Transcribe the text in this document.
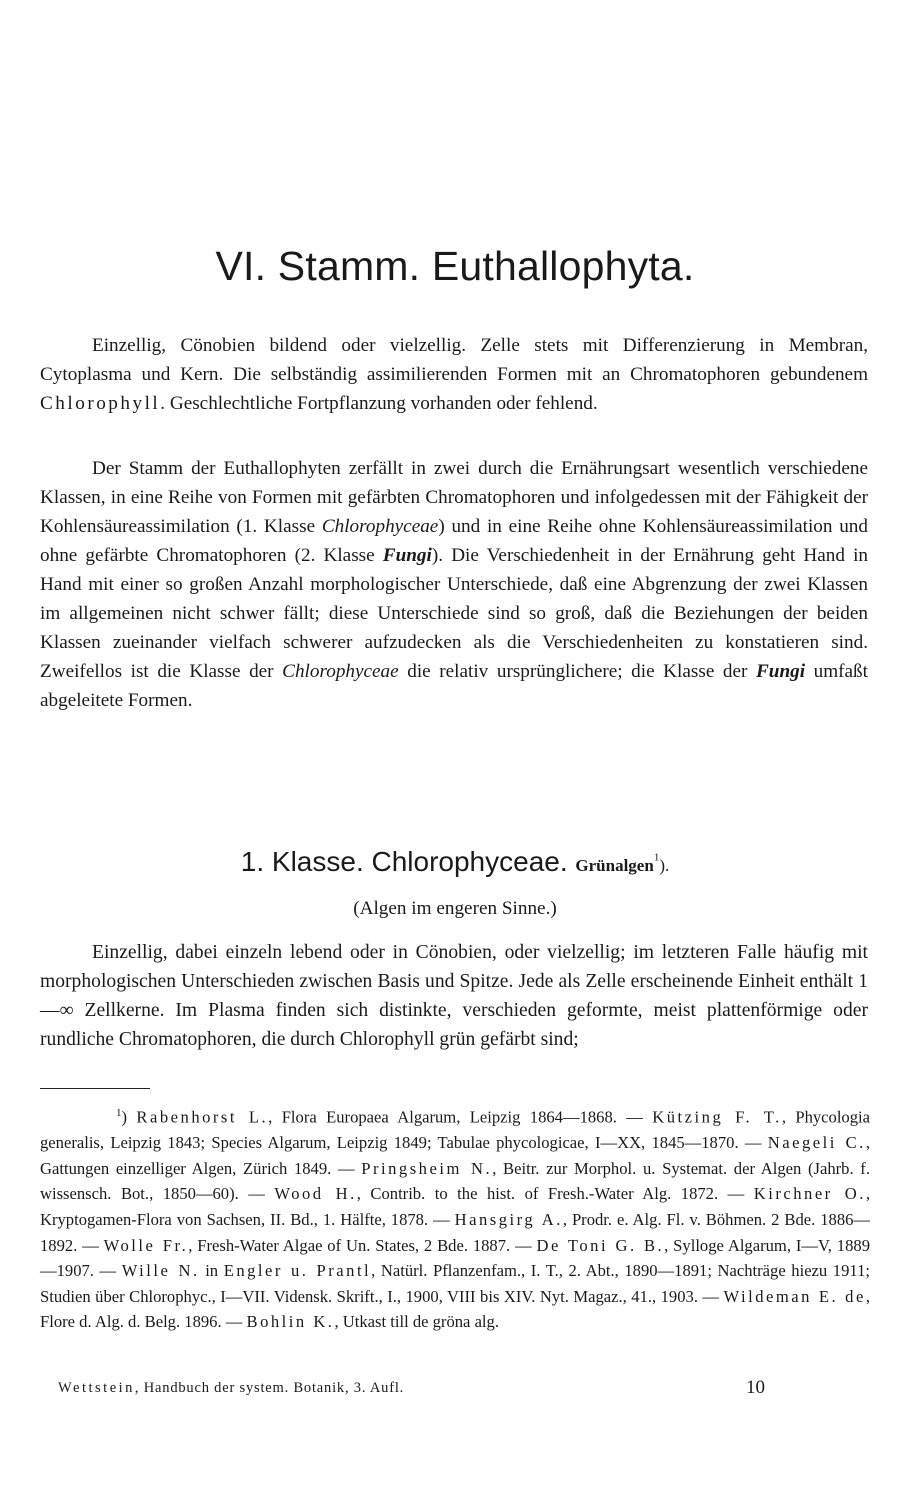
VI. Stamm. Euthallophyta.
Einzellig, Cönobien bildend oder vielzellig. Zelle stets mit Differenzierung in Membran, Cytoplasma und Kern. Die selbständig assimilierenden Formen mit an Chromatophoren gebundenem Chlorophyll. Geschlechtliche Fortpflanzung vorhanden oder fehlend.
Der Stamm der Euthallophyten zerfällt in zwei durch die Ernährungsart wesentlich verschiedene Klassen, in eine Reihe von Formen mit gefärbten Chromatophoren und infolgedessen mit der Fähigkeit der Kohlensäureassimilation (1. Klasse Chlorophyceae) und in eine Reihe ohne Kohlensäureassimilation und ohne gefärbte Chromatophoren (2. Klasse Fungi). Die Verschiedenheit in der Ernährung geht Hand in Hand mit einer so großen Anzahl morphologischer Unterschiede, daß eine Abgrenzung der zwei Klassen im allgemeinen nicht schwer fällt; diese Unterschiede sind so groß, daß die Beziehungen der beiden Klassen zueinander vielfach schwerer aufzudecken als die Verschiedenheiten zu konstatieren sind. Zweifellos ist die Klasse der Chlorophyceae die relativ ursprünglichere; die Klasse der Fungi umfaßt abgeleitete Formen.
1. Klasse. Chlorophyceae. Grünalgen$^1$).
(Algen im engeren Sinne.)
Einzellig, dabei einzeln lebend oder in Cönobien, oder vielzellig; im letzteren Falle häufig mit morphologischen Unterschieden zwischen Basis und Spitze. Jede als Zelle erscheinende Einheit enthält 1—∞ Zellkerne. Im Plasma finden sich distinkte, verschieden geformte, meist plattenförmige oder rundliche Chromatophoren, die durch Chlorophyll grün gefärbt sind;
$^1$) Rabenhorst L., Flora Europaea Algarum, Leipzig 1864—1868. — Kützing F. T., Phycologia generalis, Leipzig 1843; Species Algarum, Leipzig 1849; Tabulae phycologicae, I—XX, 1845—1870. — Naegeli C., Gattungen einzelliger Algen, Zürich 1849. — Pringsheim N., Beitr. zur Morphol. u. Systemat. der Algen (Jahrb. f. wissensch. Bot., 1850—60). — Wood H., Contrib. to the hist. of Fresh.-Water Alg. 1872. — Kirchner O., Kryptogamen-Flora von Sachsen, II. Bd., 1. Hälfte, 1878. — Hansgirg A., Prodr. e. Alg. Fl. v. Böhmen. 2 Bde. 1886—1892. — Wolle Fr., Fresh-Water Algae of Un. States, 2 Bde. 1887. — De Toni G. B., Sylloge Algarum, I—V, 1889—1907. — Wille N. in Engler u. Prantl, Natürl. Pflanzenfam., I. T., 2. Abt., 1890—1891; Nachträge hiezu 1911; Studien über Chlorophyc., I—VII. Vidensk. Skrift., I., 1900, VIII bis XIV. Nyt. Magaz., 41., 1903. — Wildeman E. de, Flore d. Alg. d. Belg. 1896. — Bohlin K., Utkast till de gröna alg.
Wettstein, Handbuch der system. Botanik, 3. Aufl.	10
